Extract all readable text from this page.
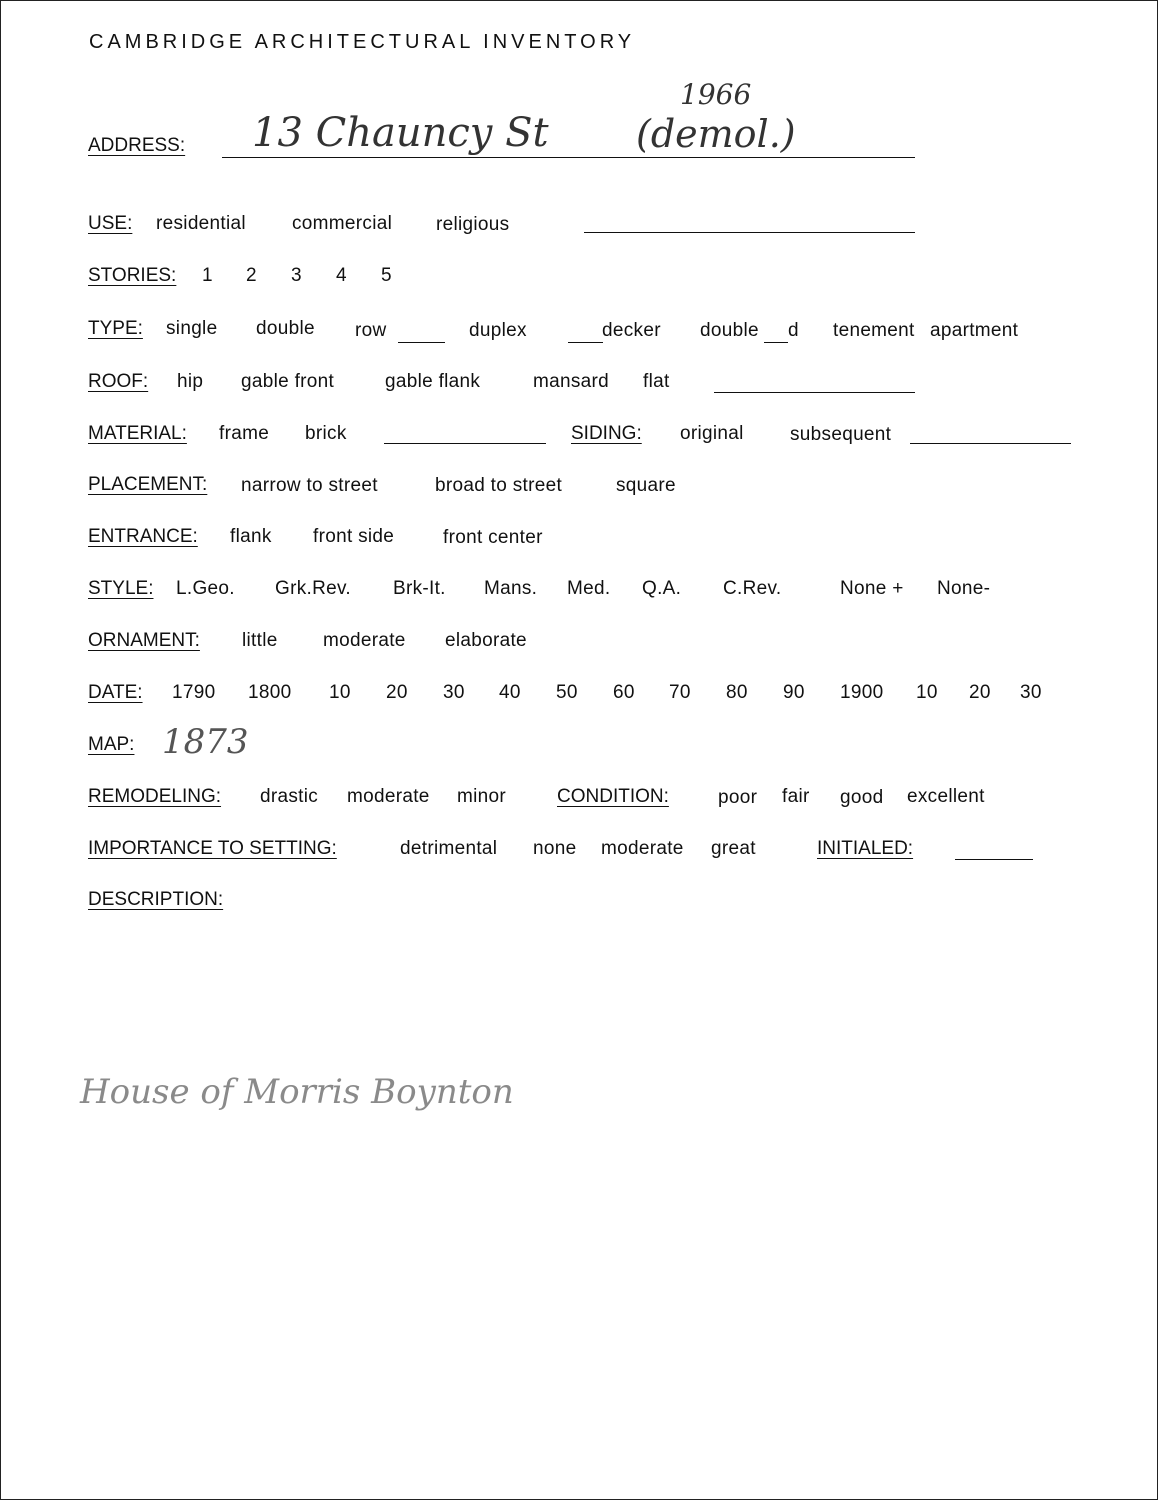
CAMBRIDGE ARCHITECTURAL INVENTORY
ADDRESS: 13 Chauncy St (demol.)
1966
USE: residential commercial religious
STORIES: 1 2 3 4 5
TYPE: single double row	duplex	decker double d tenement apartment
ROOF: hip gable front	gable flank	mansard flat
MATERIAL: frame brick	SIDING: original subsequent
PLACEMENT: narrow to street	broad to street	square
ENTRANCE: flank front side	front center
STYLE: L.Geo. Grk.Rev. Brk-It. Mans. Med. Q.A. C.Rev.	None + None-
ORNAMENT: little moderate elaborate
DATE: 1790 1800 10 20 30 40 50 60 70 80 90 1900 10 20 30
MAP: 1873
REMODELING: drastic moderate minor	CONDITION:	poor fair good excellent
IMPORTANCE TO SETTING:	detrimental none moderate great	INITIALED:
DESCRIPTION:
House of Morris Boynton
